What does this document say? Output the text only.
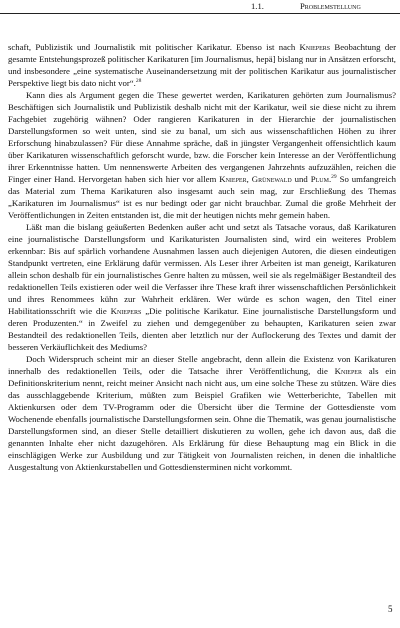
1.1.	Problemstellung

schaft, Publizistik und Journalistik mit politischer Karikatur. Ebenso ist nach Kniepers Beobachtung der gesamte Entstehungsprozeß politischer Karikaturen [im Journalismus, hepä] bislang nur in Ansätzen erforscht, und insbesondere „eine systematische Auseinandersetzung mit der politischen Karikatur aus journalistischer Perspektive liegt bis dato nicht vor“.$^{28}$

Kann dies als Argument gegen die These gewertet werden, Karikaturen gehörten zum Journalismus? Beschäftigen sich Journalistik und Publizistik deshalb nicht mit der Karikatur, weil sie diese nicht zu ihrem Fachgebiet zugehörig wähnen? Oder rangieren Karikaturen in der Hierarchie der journalistischen Darstellungsformen so weit unten, sind sie zu banal, um sich aus wissenschaftlichen Höhen zu ihrer Erforschung hinabzulassen? Für diese Annahme spräche, daß in jüngster Vergangenheit offensichtlich kaum über Karikaturen wissenschaftlich geforscht wurde, bzw. die Forscher kein Interesse an der Veröffentlichung ihrer Erkenntnisse hatten. Um nennenswerte Arbeiten des vergangenen Jahrzehnts aufzuzählen, reichen die Finger einer Hand. Hervorgetan haben sich hier vor allem Knieper, Grünewald und Plum.$^{29}$ So umfangreich das Material zum Thema Karikaturen also insgesamt auch sein mag, zur Erschließung des Themas „Karikaturen im Journalismus“ ist es nur bedingt oder gar nicht brauchbar. Zumal die große Mehrheit der Veröffentlichungen in Zeiten entstanden ist, die mit der heutigen nichts mehr gemein haben.

Läßt man die bislang geäußerten Bedenken außer acht und setzt als Tatsache voraus, daß Karikaturen eine journalistische Darstellungsform und Karikaturisten Journalisten sind, wird ein weiteres Problem erkennbar: Bis auf spärlich vorhandene Ausnahmen lassen auch diejenigen Autoren, die diesen eindeutigen Standpunkt vertreten, eine Erklärung dafür vermissen. Als Leser ihrer Arbeiten ist man geneigt, Karikaturen allein schon deshalb für ein journalistisches Genre halten zu müssen, weil sie als regelmäßiger Bestandteil des redaktionellen Teils existieren oder weil die Verfasser ihre These kraft ihrer wissenschaftlichen Persönlichkeit und ihres Renommees kühn zur Wahrheit erklären. Wer würde es schon wagen, den Titel einer Habilitationsschrift wie die Kniepers „Die politische Karikatur. Eine journalistische Darstellungsform und deren Produzenten.“ in Zweifel zu ziehen und demgegenüber zu behaupten, Karikaturen seien zwar Bestandteil des redaktionellen Teils, dienten aber letztlich nur der Auflockerung des Textes und damit der besseren Verkäuflichkeit des Mediums?

Doch Widerspruch scheint mir an dieser Stelle angebracht, denn allein die Existenz von Karikaturen innerhalb des redaktionellen Teils, oder die Tatsache ihrer Veröffentlichung, die Knieper als ein Definitionskriterium nennt, reicht meiner Ansicht nach nicht aus, um eine solche These zu stützen. Wäre dies das ausschlaggebende Kriterium, müßten zum Beispiel Grafiken wie Wetterberichte, Tabellen mit Aktienkursen oder dem TV-Programm oder die Übersicht über die Termine der Gottesdienste vom Wochenende ebenfalls journalistische Darstellungsformen sein. Ohne die Thematik, was genau journalistische Darstellungsformen sind, an dieser Stelle detailliert diskutieren zu wollen, gehe ich davon aus, daß die genannten Inhalte eher nicht dazugehören. Als Erklärung für diese Behauptung mag ein Blick in die einschlägigen Werke zur Ausbildung und zur Tätigkeit von Journalisten reichen, in denen die inhaltliche Ausgestaltung von Aktienkurstabellen und Gottesdiensterminen nicht vorkommt.

5
